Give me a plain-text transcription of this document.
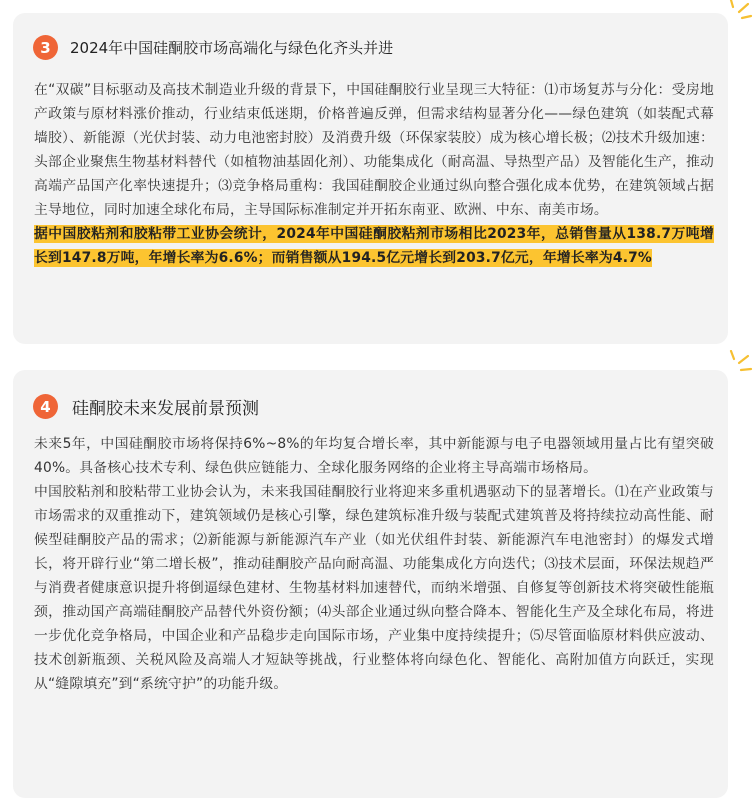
3	2024年中国硅酮胶市场高端化与绿色化齐头并进

在“双碳”目标驱动及高技术制造业升级的背景下，中国硅酮胶行业呈现三大特征：⑴市场复苏与分化：受房地产政策与原材料涨价推动，行业结束低迷期，价格普遍反弹，但需求结构显著分化——绿色建筑（如装配式幕墙胶）、新能源（光伏封装、动力电池密封胶）及消费升级（环保家装胶）成为核心增长极；⑵技术升级加速：头部企业聚焦生物基材料替代（如植物油基固化剂）、功能集成化（耐高温、导热型产品）及智能化生产，推动高端产品国产化率快速提升；⑶竞争格局重构：我国硅酮胶企业通过纵向整合强化成本优势，在建筑领域占据主导地位，同时加速全球化布局，主导国际标准制定并开拓东南亚、欧洲、中东、南美市场。

据中国胶粘剂和胶粘带工业协会统计，2024年中国硅酮胶粘剂市场相比2023年，总销售量从138.7万吨增长到147.8万吨，年增长率为6.6%；而销售额从194.5亿元增长到203.7亿元，年增长率为4.7%

4	硅酮胶未来发展前景预测

未来5年，中国硅酮胶市场将保持6%~8%的年均复合增长率，其中新能源与电子电器领域用量占比有望突破40%。具备核心技术专利、绿色供应链能力、全球化服务网络的企业将主导高端市场格局。

中国胶粘剂和胶粘带工业协会认为，未来我国硅酮胶行业将迎来多重机遇驱动下的显著增长。⑴在产业政策与市场需求的双重推动下，建筑领域仍是核心引擎，绿色建筑标准升级与装配式建筑普及将持续拉动高性能、耐候型硅酮胶产品的需求；⑵新能源与新能源汽车产业（如光伏组件封装、新能源汽车电池密封）的爆发式增长，将开辟行业“第二增长极”，推动硅酮胶产品向耐高温、功能集成化方向迭代；⑶技术层面，环保法规趋严与消费者健康意识提升将倒逼绿色建材、生物基材料加速替代，而纳米增强、自修复等创新技术将突破性能瓶颈，推动国产高端硅酮胶产品替代外资份额；⑷头部企业通过纵向整合降本、智能化生产及全球化布局，将进一步优化竞争格局，中国企业和产品稳步走向国际市场，产业集中度持续提升；⑸尽管面临原材料供应波动、技术创新瓶颈、关税风险及高端人才短缺等挑战，行业整体将向绿色化、智能化、高附加值方向跃迁，实现从“缝隙填充”到“系统守护”的功能升级。
